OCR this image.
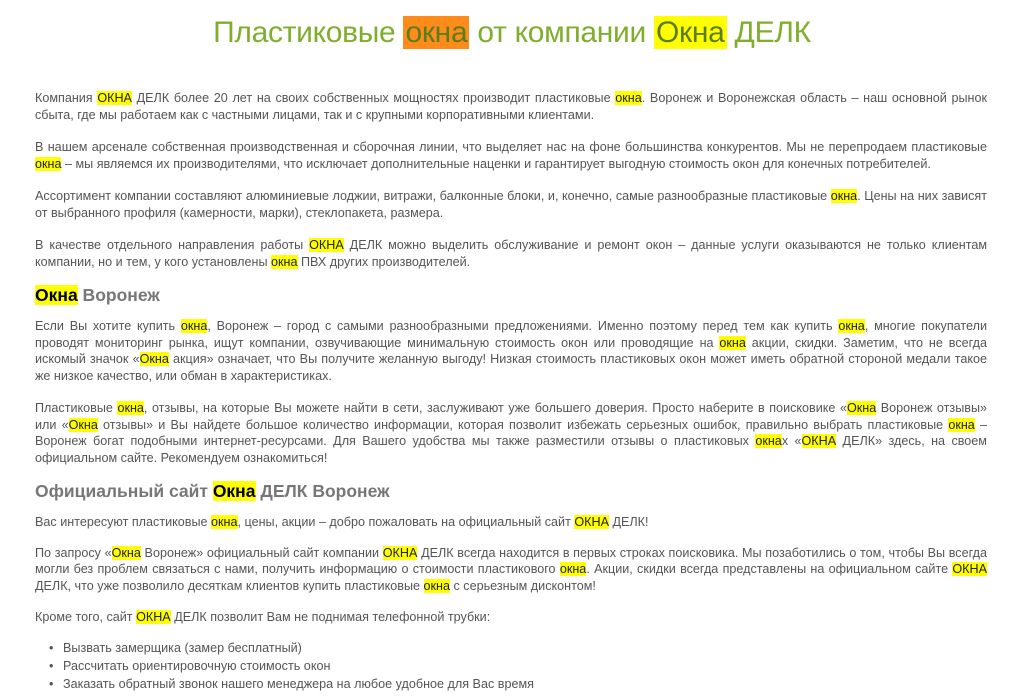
Пластиковые окна от компании Окна ДЕЛК

Компания ОКНА ДЕЛК более 20 лет на своих собственных мощностях производит пластиковые окна. Воронеж и Воронежская область – наш основной рынок сбыта, где мы работаем как с частными лицами, так и с крупными корпоративными клиентами.

В нашем арсенале собственная производственная и сборочная линии, что выделяет нас на фоне большинства конкурентов. Мы не перепродаем пластиковые окна – мы являемся их производителями, что исключает дополнительные наценки и гарантирует выгодную стоимость окон для конечных потребителей.

Ассортимент компании составляют алюминиевые лоджии, витражи, балконные блоки, и, конечно, самые разнообразные пластиковые окна. Цены на них зависят от выбранного профиля (камерности, марки), стеклопакета, размера.

В качестве отдельного направления работы ОКНА ДЕЛК можно выделить обслуживание и ремонт окон – данные услуги оказываются не только клиентам компании, но и тем, у кого установлены окна ПВХ других производителей.

Окна Воронеж

Если Вы хотите купить окна, Воронеж – город с самыми разнообразными предложениями. Именно поэтому перед тем как купить окна, многие покупатели проводят мониторинг рынка, ищут компании, озвучивающие минимальную стоимость окон или проводящие на окна акции, скидки. Заметим, что не всегда искомый значок «Окна акция» означает, что Вы получите желанную выгоду! Низкая стоимость пластиковых окон может иметь обратной стороной медали такое же низкое качество, или обман в характеристиках.

Пластиковые окна, отзывы, на которые Вы можете найти в сети, заслуживают уже большего доверия. Просто наберите в поисковике «Окна Воронеж отзывы» или «Окна отзывы» и Вы найдете большое количество информации, которая позволит избежать серьезных ошибок, правильно выбрать пластиковые окна – Воронеж богат подобными интернет-ресурсами. Для Вашего удобства мы также разместили отзывы о пластиковых окнах «ОКНА ДЕЛК» здесь, на своем официальном сайте. Рекомендуем ознакомиться!

Официальный сайт Окна ДЕЛК Воронеж

Вас интересуют пластиковые окна, цены, акции – добро пожаловать на официальный сайт ОКНА ДЕЛК!

По запросу «Окна Воронеж» официальный сайт компании ОКНА ДЕЛК всегда находится в первых строках поисковика. Мы позаботились о том, чтобы Вы всегда могли без проблем связаться с нами, получить информацию о стоимости пластикового окна. Акции, скидки всегда представлены на официальном сайте ОКНА ДЕЛК, что уже позволило десяткам клиентов купить пластиковые окна с серьезным дисконтом!

Кроме того, сайт ОКНА ДЕЛК позволит Вам не поднимая телефонной трубки:

• Вызвать замерщика (замер бесплатный)
• Рассчитать ориентировочную стоимость окон
• Заказать обратный звонок нашего менеджера на любое удобное для Вас время
